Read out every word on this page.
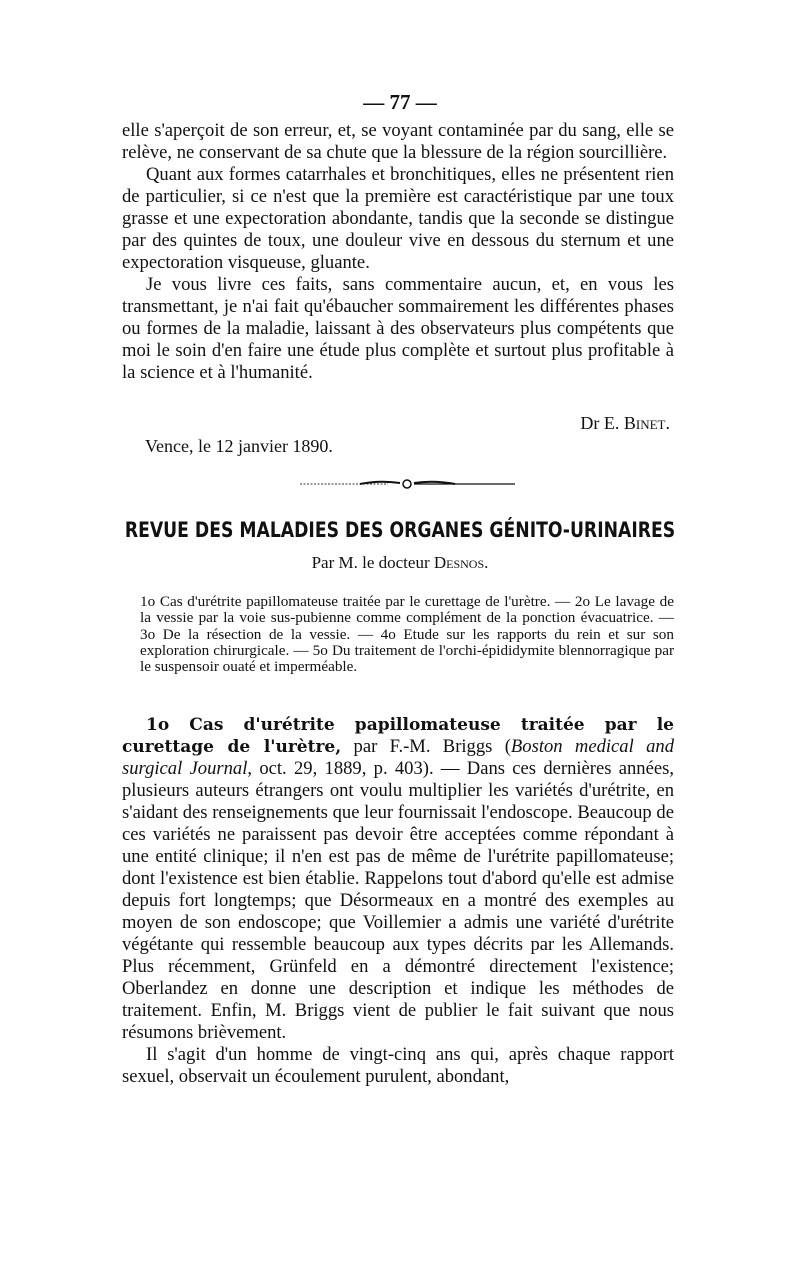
— 77 —

elle s'aperçoit de son erreur, et, se voyant contaminée par du sang, elle se relève, ne conservant de sa chute que la blessure de la région sourcillière.

Quant aux formes catarrhales et bronchitiques, elles ne présentent rien de particulier, si ce n'est que la première est caractéristique par une toux grasse et une expectoration abondante, tandis que la seconde se distingue par des quintes de toux, une douleur vive en dessous du sternum et une expectoration visqueuse, gluante.

Je vous livre ces faits, sans commentaire aucun, et, en vous les transmettant, je n'ai fait qu'ébaucher sommairement les différentes phases ou formes de la maladie, laissant à des observateurs plus compétents que moi le soin d'en faire une étude plus complète et surtout plus profitable à la science et à l'humanité.

Dr E. Binet.
Vence, le 12 janvier 1890.
REVUE DES MALADIES DES ORGANES GÉNITO-URINAIRES
Par M. le docteur Desnos.

1o Cas d'urétrite papillomateuse traitée par le curettage de l'urètre. — 2o Le lavage de la vessie par la voie sus-pubienne comme complément de la ponction évacuatrice. — 3o De la résection de la vessie. — 4o Etude sur les rapports du rein et sur son exploration chirurgicale. — 5o Du traitement de l'orchi-épididymite blennorragique par le suspensoir ouaté et imperméable.

1o Cas d'urétrite papillomateuse traitée par le curettage de l'urètre, par F.-M. Briggs (Boston medical and surgical Journal, oct. 29, 1889, p. 403). — Dans ces dernières années, plusieurs auteurs étrangers ont voulu multiplier les variétés d'urétrite, en s'aidant des renseignements que leur fournissait l'endoscope. Beaucoup de ces variétés ne paraissent pas devoir être acceptées comme répondant à une entité clinique; il n'en est pas de même de l'urétrite papillomateuse; dont l'existence est bien établie. Rappelons tout d'abord qu'elle est admise depuis fort longtemps; que Désormeaux en a montré des exemples au moyen de son endoscope; que Voillemier a admis une variété d'urétrite végétante qui ressemble beaucoup aux types décrits par les Allemands. Plus récemment, Grünfeld en a démontré directement l'existence; Oberlandez en donne une description et indique les méthodes de traitement. Enfin, M. Briggs vient de publier le fait suivant que nous résumons brièvement.

Il s'agit d'un homme de vingt-cinq ans qui, après chaque rapport sexuel, observait un écoulement purulent, abondant,
